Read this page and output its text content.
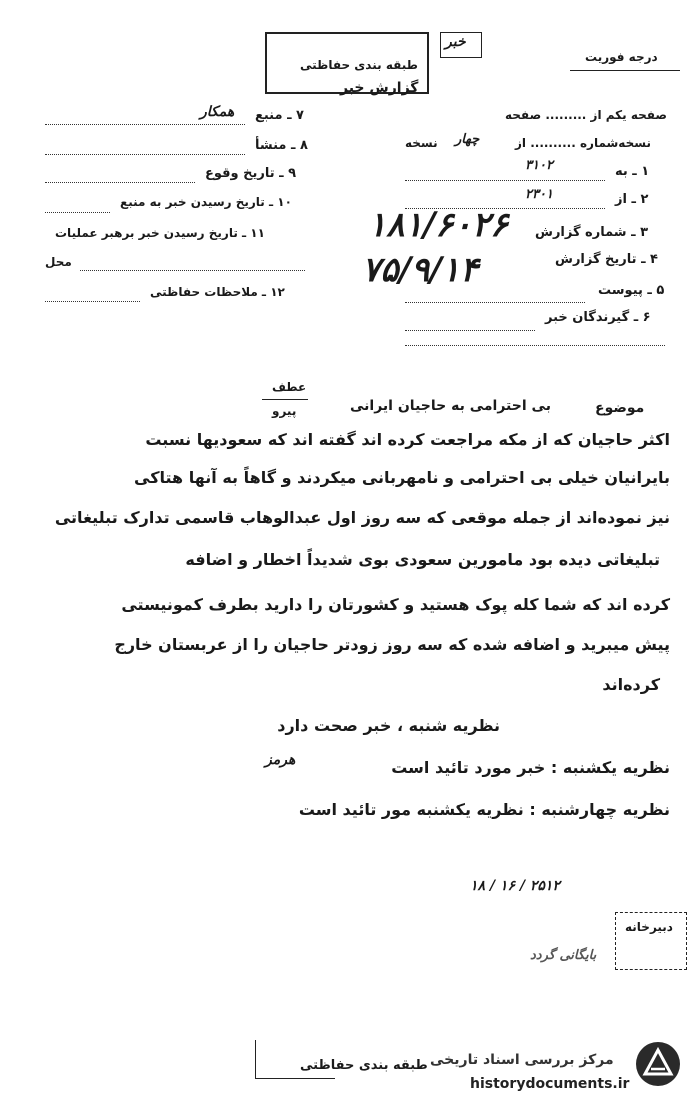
خبر
طبقه بندی حفاظتی
گزارش خبر
درجه فوریت
صفحه یکم از ......... صفحه
نسخه چهار	نسخه‌شماره .......... از
۱ ـ به
۳۱۰۲
۲ ـ از
۲۳۰۱
۳ ـ شماره گزارش
۴ ـ تاریخ گزارش
۵ ـ پیوست
۶ ـ گیرندگان خبر
۱۸۱/۶۰۲۶
۷۵/۹/۱۴
۷ ـ منبع
همکار
۸ ـ منشأ
۹ ـ تاریخ وقوع
۱۰ ـ تاریخ رسیدن خبر به منبع
۱۱ ـ تاریخ رسیدن خبر برهبر عملیات
محل
۱۲ ـ ملاحظات حفاظتی
موضوع
بی احترامی به حاجیان ایرانی
عطف
پیرو
اکثر حاجیان که از مکه مراجعت کرده اند گفته اند که سعودیها نسبت
بایرانیان خیلی بی احترامی و نامهربانی میکردند و گاهاً به آنها هتاکی
نیز نموده‌اند از جمله موقعی که سه روز اول عبدالوهاب قاسمی تدارک تبلیغاتی
تبلیغاتی دیده بود مامورین سعودی بوی شدیداً اخطار و اضافه
کرده اند که شما کله پوک هستید و کشورتان را دارید بطرف کمونیستی
پیش میبرید و اضافه شده که سه روز زودتر حاجیان را از عربستان خارج
کرده‌اند
نظریه شنبه ، خبر صحت دارد
نظریه یکشنبه : خبر مورد تائید است
هرمز
نظریه چهارشنبه : نظریه یکشنبه مور تائید است
۲۵۱۲ / ۱۶ / ۱۸
دبیرخانه
بایگانی گردد
طبقه بندی حفاظتی مرکز بررسی اسناد تاریخی
historydocuments.ir
